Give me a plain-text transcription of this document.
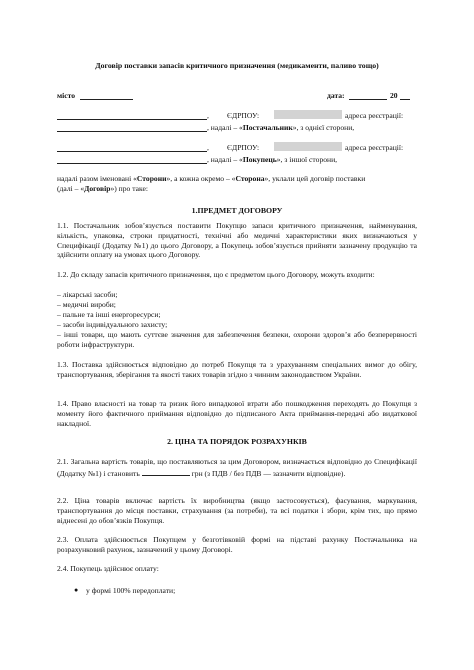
Договір поставки запасів критичного призначення (медикаменти, паливо тощо)
місто	дата:	20
, ЄДРПОУ:	адреса реєстрації:
, надалі – «Постачальник», з однієї сторони,
, ЄДРПОУ:	адреса реєстрації:
, надалі – «Покупець», з іншої сторони,
надалі разом іменовані «Сторони», а кожна окремо – «Сторона», уклали цей договір поставки
(далі – «Договір») про таке:
1.ПРЕДМЕТ ДОГОВОРУ
1.1. Постачальник зобов’язується поставити Покупцю запаси критичного призначення, найменування, кількість, упаковка, строки придатності, технічні або медичні характеристики яких визначаються у Специфікації (Додатку №1) до цього Договору, а Покупець зобов’язується прийняти зазначену продукцію та здійснити оплату на умовах цього Договору.
1.2. До складу запасів критичного призначення, що є предметом цього Договору, можуть входити:
– лікарські засоби;
– медичні вироби;
– пальне та інші енергоресурси;
– засоби індивідуального захисту;
– інші товари, що мають суттєве значення для забезпечення безпеки, охорони здоров’я або безперервності роботи інфраструктури.
1.3. Поставка здійснюється відповідно до потреб Покупця та з урахуванням спеціальних вимог до обігу, транспортування, зберігання та якості таких товарів згідно з чинним законодавством України.
1.4. Право власності на товар та ризик його випадкової втрати або пошкодження переходять до Покупця з моменту його фактичного приймання відповідно до підписаного Акта приймання-передачі або видаткової накладної.
2. ЦІНА ТА ПОРЯДОК РОЗРАХУНКІВ
2.1. Загальна вартість товарів, що поставляються за цим Договором, визначається відповідно до Специфікації (Додатку №1) і становить	грн (з ПДВ / без ПДВ — зазначити відповідне).
2.2. Ціна товарів включає вартість їх виробництва (якщо застосовується), фасування, маркування, транспортування до місця поставки, страхування (за потреби), та всі податки і збори, крім тих, що прямо віднесені до обов’язків Покупця.
2.3. Оплата здійснюється Покупцем у безготівковій формі на підставі рахунку Постачальника на розрахунковий рахунок, зазначений у цьому Договорі.
2.4. Покупець здійснює оплату:
● у формі 100% передоплати;
